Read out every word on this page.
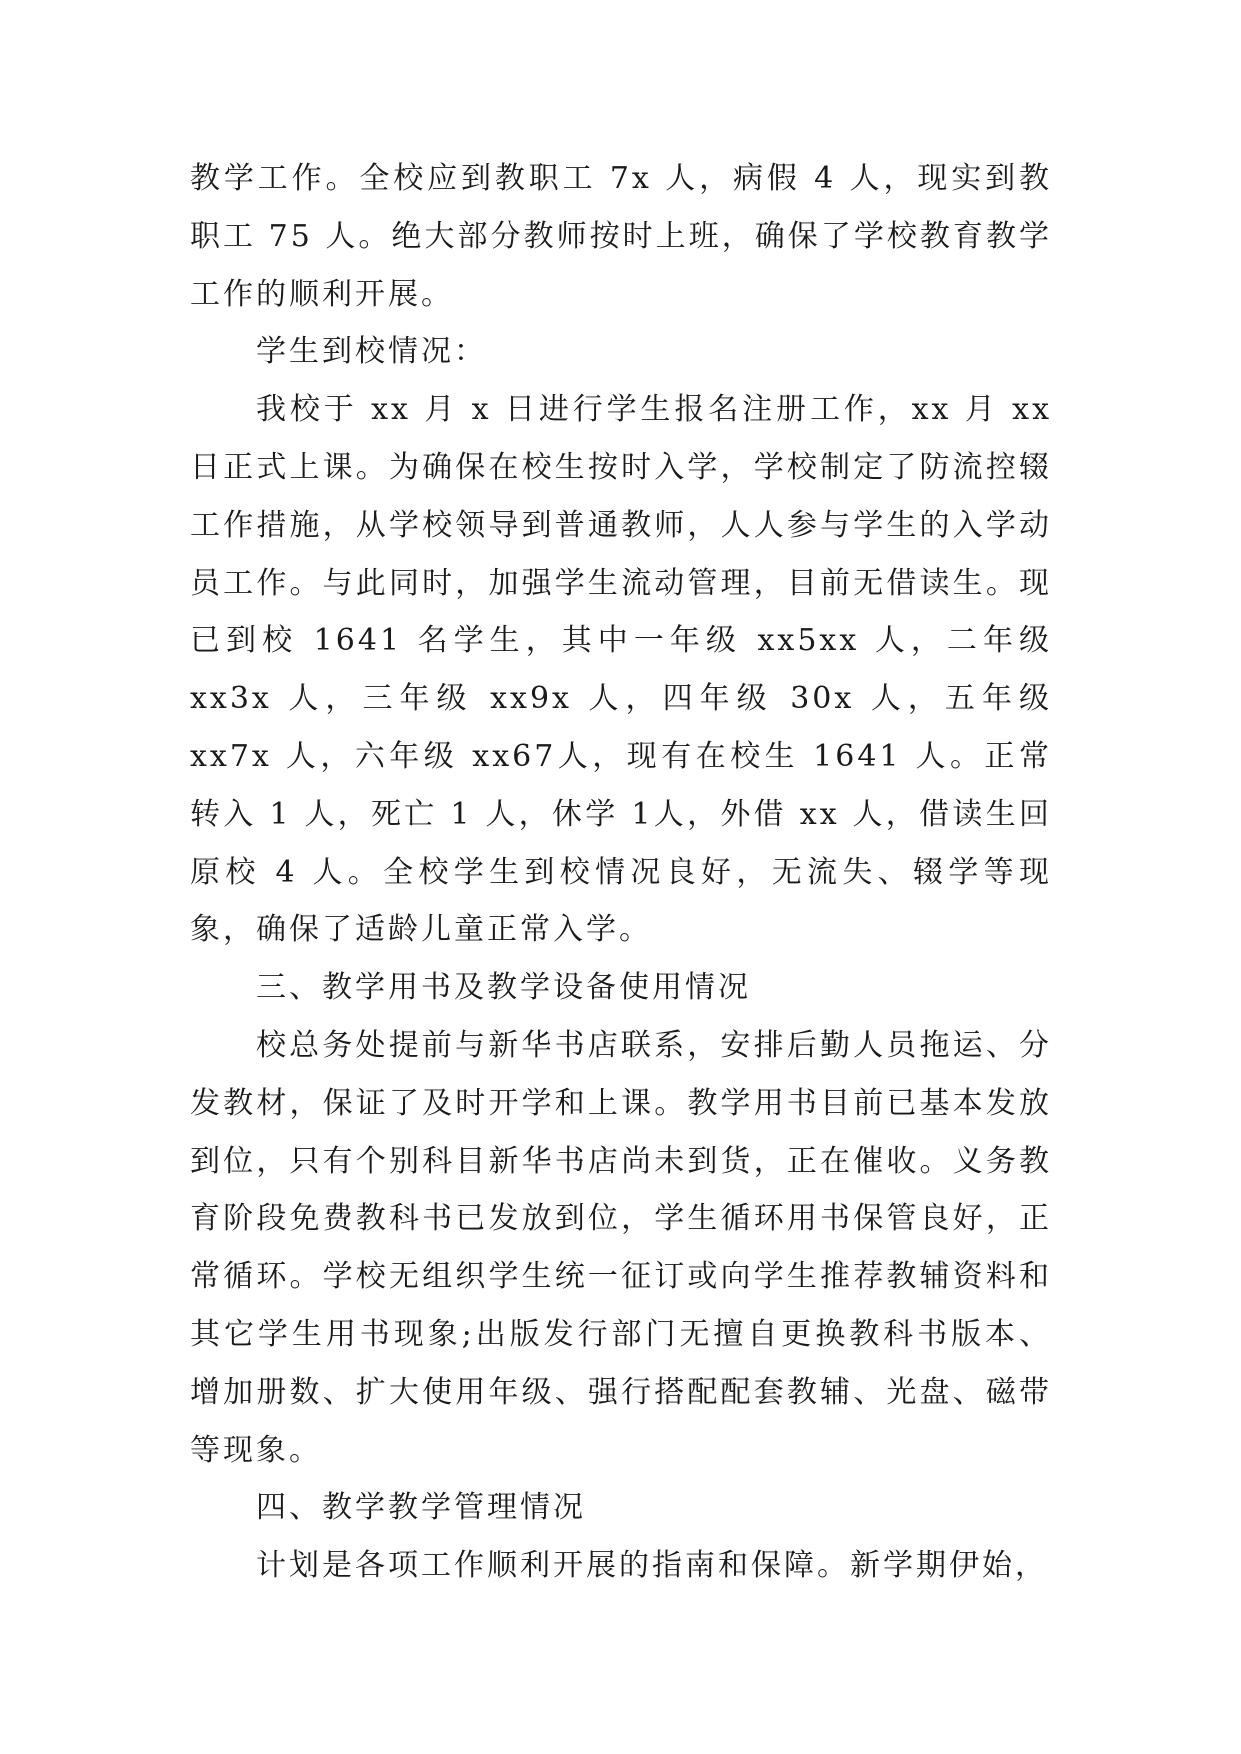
教学工作。全校应到教职工 7x 人，病假 4 人，现实到教职工 75 人。绝大部分教师按时上班，确保了学校教育教学工作的顺利开展。

学生到校情况：

我校于 xx 月 x 日进行学生报名注册工作，xx 月 xx 日正式上课。为确保在校生按时入学，学校制定了防流控辍工作措施，从学校领导到普通教师，人人参与学生的入学动员工作。与此同时，加强学生流动管理，目前无借读生。现已到校 1641 名学生，其中一年级 xx5xx 人，二年级 xx3x 人，三年级 xx9x 人，四年级 30x 人，五年级 xx7x 人，六年级 xx67人，现有在校生 1641 人。正常转入 1 人，死亡 1 人，休学 1人，外借 xx 人，借读生回原校 4 人。全校学生到校情况良好，无流失、辍学等现象，确保了适龄儿童正常入学。

三、教学用书及教学设备使用情况

校总务处提前与新华书店联系，安排后勤人员拖运、分发教材，保证了及时开学和上课。教学用书目前已基本发放到位，只有个别科目新华书店尚未到货，正在催收。义务教育阶段免费教科书已发放到位，学生循环用书保管良好，正常循环。学校无组织学生统一征订或向学生推荐教辅资料和其它学生用书现象;出版发行部门无擅自更换教科书版本、增加册数、扩大使用年级、强行搭配配套教辅、光盘、磁带等现象。

四、教学教学管理情况

计划是各项工作顺利开展的指南和保障。新学期伊始，
